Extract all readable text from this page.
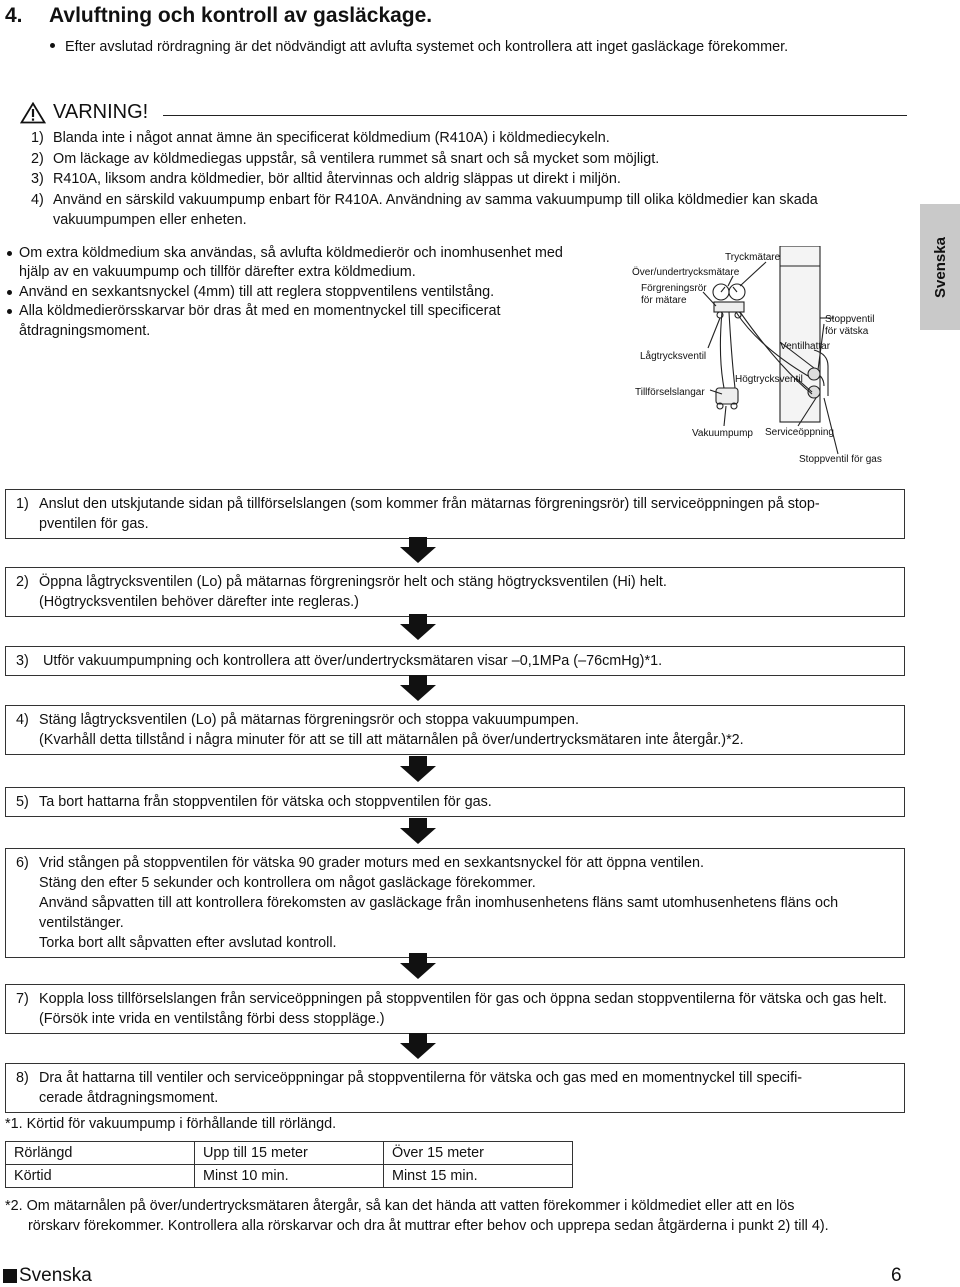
4. Avluftning och kontroll av gasläckage.
Efter avslutad rördragning är det nödvändigt att avlufta systemet och kontrollera att inget gasläckage förekommer.
VARNING!
1) Blanda inte i något annat ämne än specificerat köldmedium (R410A) i köldmediecykeln.
2) Om läckage av köldmediegas uppstår, så ventilera rummet så snart och så mycket som möjligt.
3) R410A, liksom andra köldmedier, bör alltid återvinnas och aldrig släppas ut direkt i miljön.
4) Använd en särskild vakuumpump enbart för R410A. Användning av samma vakuumpump till olika köldmedier kan skada vakuumpumpen eller enheten.
Om extra köldmedium ska användas, så avlufta köldmedierör och inomhusenhet med hjälp av en vakuumpump och tillför därefter extra köldmedium.
Använd en sexkantsnyckel (4mm) till att reglera stoppventilens ventilstång.
Alla köldmedierörsskarvar bör dras åt med en momentnyckel till specificerat åtdragningsmoment.
Svenska
Tryckmätare
Över/undertrycksmätare
Förgreningsrör
för mätare
Stoppventil
för vätska
Ventilhattar
Lågtrycksventil
Högtrycksventil
Tillförselslangar
Vakuumpump Serviceöppning
Stoppventil för gas
1) Anslut den utskjutande sidan på tillförselslangen (som kommer från mätarnas förgreningsrör) till serviceöppningen på stop-
pventilen för gas.
2) Öppna lågtrycksventilen (Lo) på mätarnas förgreningsrör helt och stäng högtrycksventilen (Hi) helt.
(Högtrycksventilen behöver därefter inte regleras.)
3) Utför vakuumpumpning och kontrollera att över/undertrycksmätaren visar –0,1MPa (–76cmHg)*1.
4) Stäng lågtrycksventilen (Lo) på mätarnas förgreningsrör och stoppa vakuumpumpen.
(Kvarhåll detta tillstånd i några minuter för att se till att mätarnålen på över/undertrycksmätaren inte återgår.)*2.
5) Ta bort hattarna från stoppventilen för vätska och stoppventilen för gas.
6) Vrid stången på stoppventilen för vätska 90 grader moturs med en sexkantsnyckel för att öppna ventilen.
Stäng den efter 5 sekunder och kontrollera om något gasläckage förekommer.
Använd såpvatten till att kontrollera förekomsten av gasläckage från inomhusenhetens fläns samt utomhusenhetens fläns och
ventilstänger.
Torka bort allt såpvatten efter avslutad kontroll.
7) Koppla loss tillförselslangen från serviceöppningen på stoppventilen för gas och öppna sedan stoppventilerna för vätska och gas helt.
(Försök inte vrida en ventilstång förbi dess stoppläge.)
8) Dra åt hattarna till ventiler och serviceöppningar på stoppventilerna för vätska och gas med en momentnyckel till specifi-
cerade åtdragningsmoment.
*1. Körtid för vakuumpump i förhållande till rörlängd.
Rörlängd	Upp till 15 meter	Över 15 meter
Körtid	Minst 10 min.	Minst 15 min.
*2. Om mätarnålen på över/undertrycksmätaren återgår, så kan det hända att vatten förekommer i köldmediet eller att en lös
rörskarv förekommer. Kontrollera alla rörskarvar och dra åt muttrar efter behov och upprepa sedan åtgärderna i punkt 2) till 4).
Svenska	6
